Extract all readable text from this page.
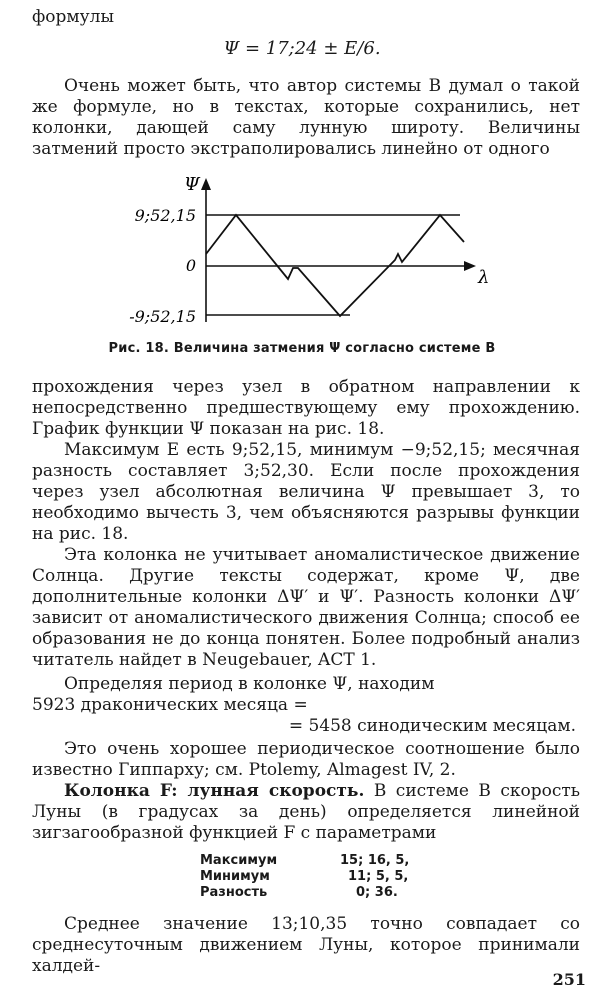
формулы
Ψ = 17;24 ± E/6.
Очень может быть, что автор системы B думал о такой же формуле, но в текстах, которые сохранились, нет колонки, дающей саму лунную широту. Величины затмений просто экстраполировались линейно от одного
Ψ
λ
9;52,15
0
-9;52,15
Рис. 18. Величина затмения Ψ согласно системе B
прохождения через узел в обратном направлении к непосредственно предшествующему ему прохождению. График функции Ψ показан на рис. 18.
Максимум E есть 9;52,15, минимум −9;52,15; месячная разность составляет 3;52,30. Если после прохождения через узел абсолютная величина Ψ превышает 3, то необходимо вычесть 3, чем объясняются разрывы функции на рис. 18.
Эта колонка не учитывает аномалистическое движение Солнца. Другие тексты содержат, кроме Ψ, две дополнительные колонки ΔΨ′ и Ψ′. Разность колонки ΔΨ′ зависит от аномалистического движения Солнца; способ ее образования не до конца понятен. Более подробный анализ читатель найдет в Neugebauer, ACT 1.
Определяя период в колонке Ψ, находим
5923 драконических месяца =
= 5458 синодическим месяцам.
Это очень хорошее периодическое соотношение было известно Гиппарху; см. Ptolemy, Almagest IV, 2.
Колонка F: лунная скорость. В системе B скорость Луны (в градусах за день) определяется линейной зигзагообразной функцией F с параметрами
Максимум	15; 16, 5,
Минимум	11; 5, 5,
Разность	0; 36.
Среднее значение 13;10,35 точно совпадает со среднесуточным движением Луны, которое принимали халдей-
251
